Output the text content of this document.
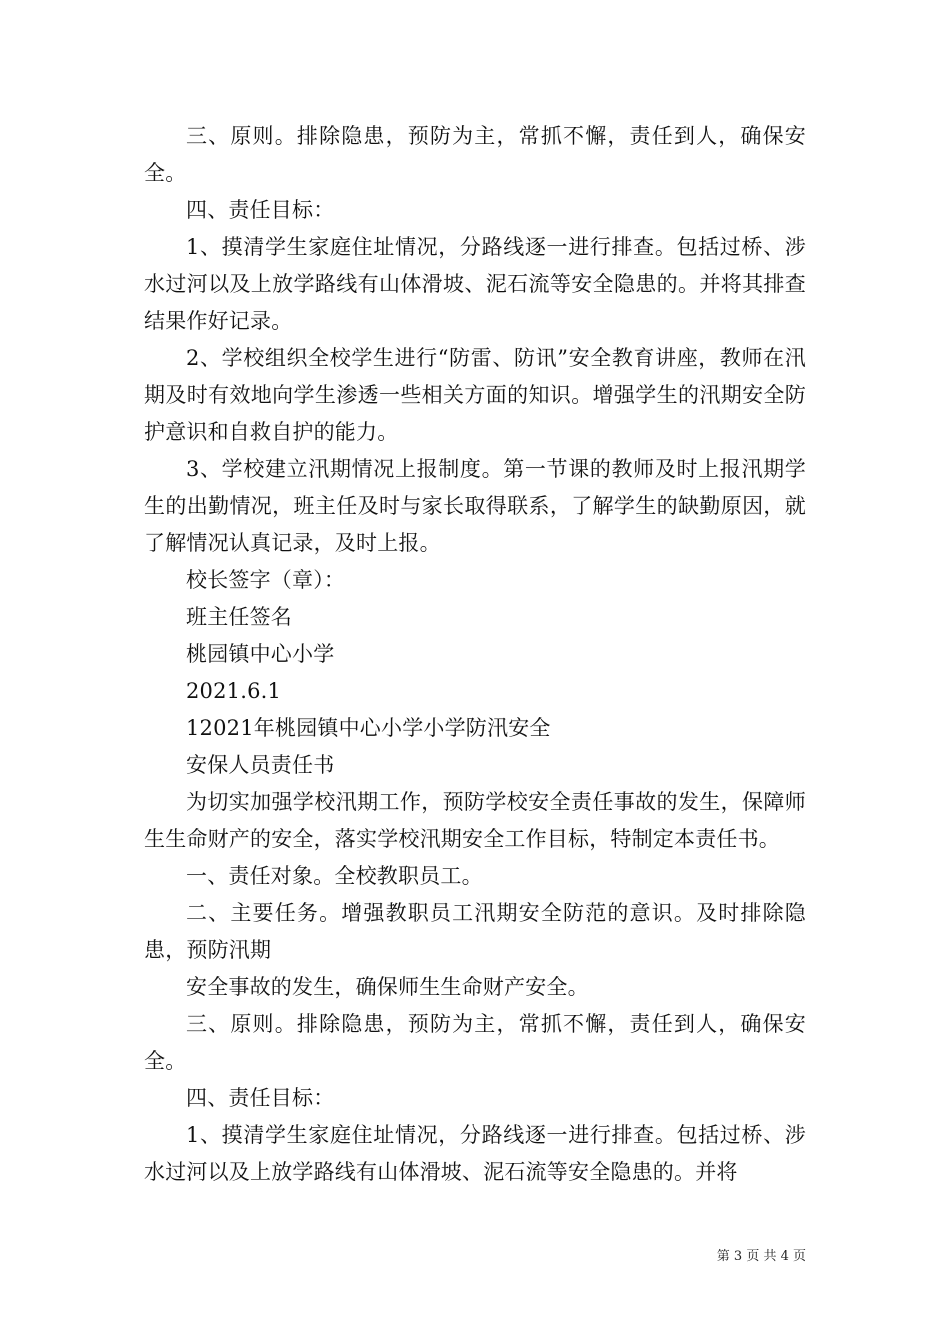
三、原则。排除隐患，预防为主，常抓不懈，责任到人，确保安全。

四、责任目标：

1、摸清学生家庭住址情况，分路线逐一进行排查。包括过桥、涉水过河以及上放学路线有山体滑坡、泥石流等安全隐患的。并将其排查结果作好记录。

2、学校组织全校学生进行“防雷、防讯”安全教育讲座，教师在汛期及时有效地向学生渗透一些相关方面的知识。增强学生的汛期安全防护意识和自救自护的能力。

3、学校建立汛期情况上报制度。第一节课的教师及时上报汛期学生的出勤情况，班主任及时与家长取得联系，了解学生的缺勤原因，就了解情况认真记录，及时上报。

校长签字（章）：

班主任签名

桃园镇中心小学

2021.6.1

12021年桃园镇中心小学小学防汛安全

安保人员责任书

为切实加强学校汛期工作，预防学校安全责任事故的发生，保障师生生命财产的安全，落实学校汛期安全工作目标，特制定本责任书。

一、责任对象。全校教职员工。

二、主要任务。增强教职员工汛期安全防范的意识。及时排除隐患，预防汛期

安全事故的发生，确保师生生命财产安全。

三、原则。排除隐患，预防为主，常抓不懈，责任到人，确保安全。

四、责任目标：

1、摸清学生家庭住址情况，分路线逐一进行排查。包括过桥、涉水过河以及上放学路线有山体滑坡、泥石流等安全隐患的。并将

第 3 页 共 4 页
